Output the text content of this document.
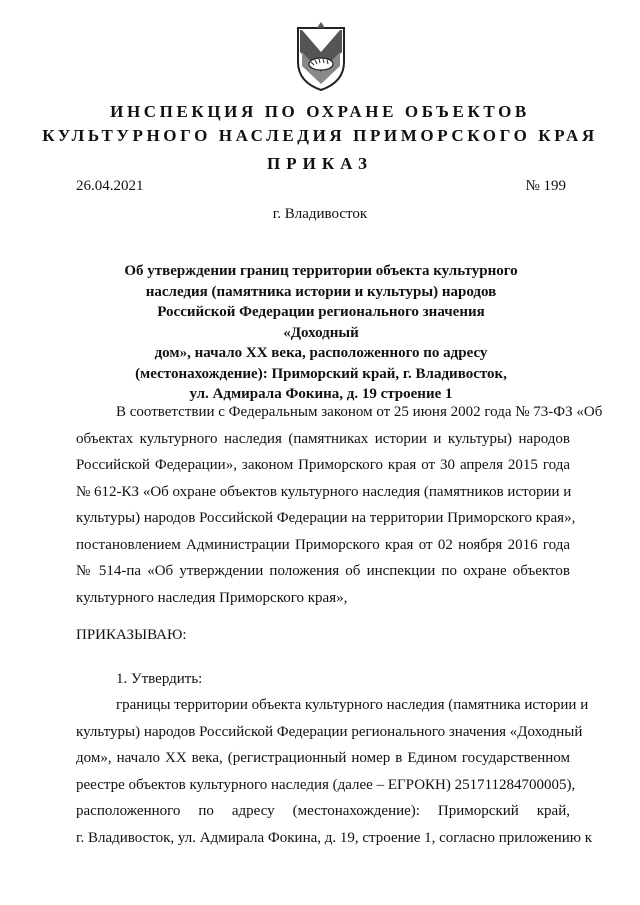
ИНСПЕКЦИЯ ПО ОХРАНЕ ОБЪЕКТОВ
КУЛЬТУРНОГО НАСЛЕДИЯ ПРИМОРСКОГО КРАЯ
ПРИКАЗ
26.04.2021	№ 199
г. Владивосток
Об утверждении границ территории объекта культурного
наследия (памятника истории и культуры) народов
Российской Федерации регионального значения «Доходный
дом», начало XX века, расположенного по адресу
(местонахождение): Приморский край, г. Владивосток,
ул. Адмирала Фокина, д. 19 строение 1
В соответствии с Федеральным законом от 25 июня 2002 года № 73-ФЗ «Об
объектах культурного наследия (памятниках истории и культуры) народов
Российской Федерации», законом Приморского края от 30 апреля 2015 года
№ 612-КЗ «Об охране объектов культурного наследия (памятников истории и
культуры) народов Российской Федерации на территории Приморского края»,
постановлением Администрации Приморского края от 02 ноября 2016 года
№ 514-па «Об утверждении положения об инспекции по охране объектов
культурного наследия Приморского края»,
ПРИКАЗЫВАЮ:
1. Утвердить:
границы территории объекта культурного наследия (памятника истории и
культуры) народов Российской Федерации регионального значения «Доходный
дом», начало XX века, (регистрационный номер в Едином государственном
реестре объектов культурного наследия (далее – ЕГРОКН) 251711284700005),
расположенного по адресу (местонахождение): Приморский край,
г. Владивосток, ул. Адмирала Фокина, д. 19, строение 1, согласно приложению к
